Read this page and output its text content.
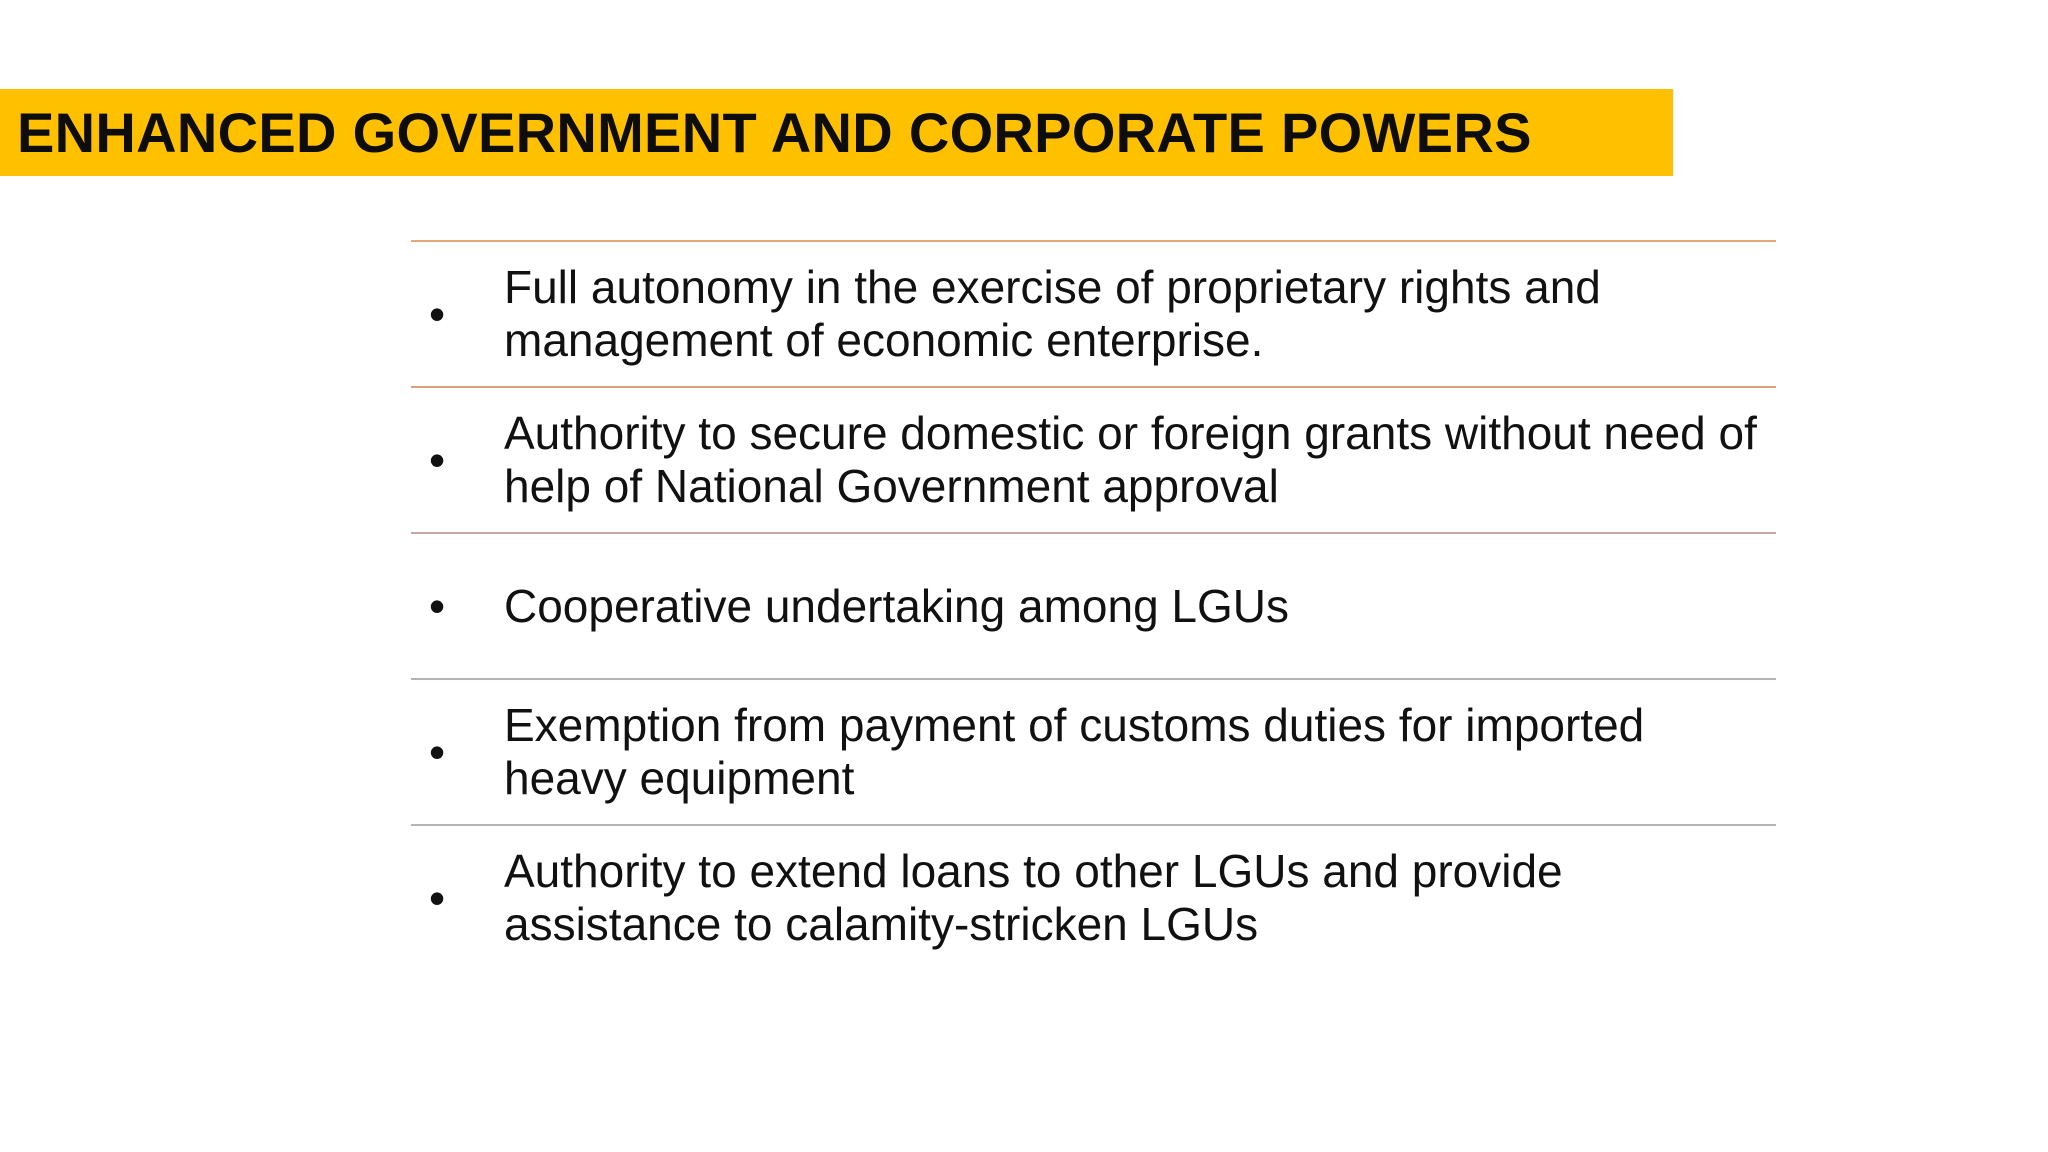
ENHANCED GOVERNMENT AND CORPORATE POWERS
•
Full autonomy in the exercise of proprietary rights and management of economic enterprise.
•
Authority to secure domestic or foreign grants without need of help of National Government approval
•	Cooperative undertaking among LGUs
•
Exemption from payment of customs duties for imported heavy equipment
•
Authority to extend loans to other LGUs and provide assistance to calamity-stricken LGUs
